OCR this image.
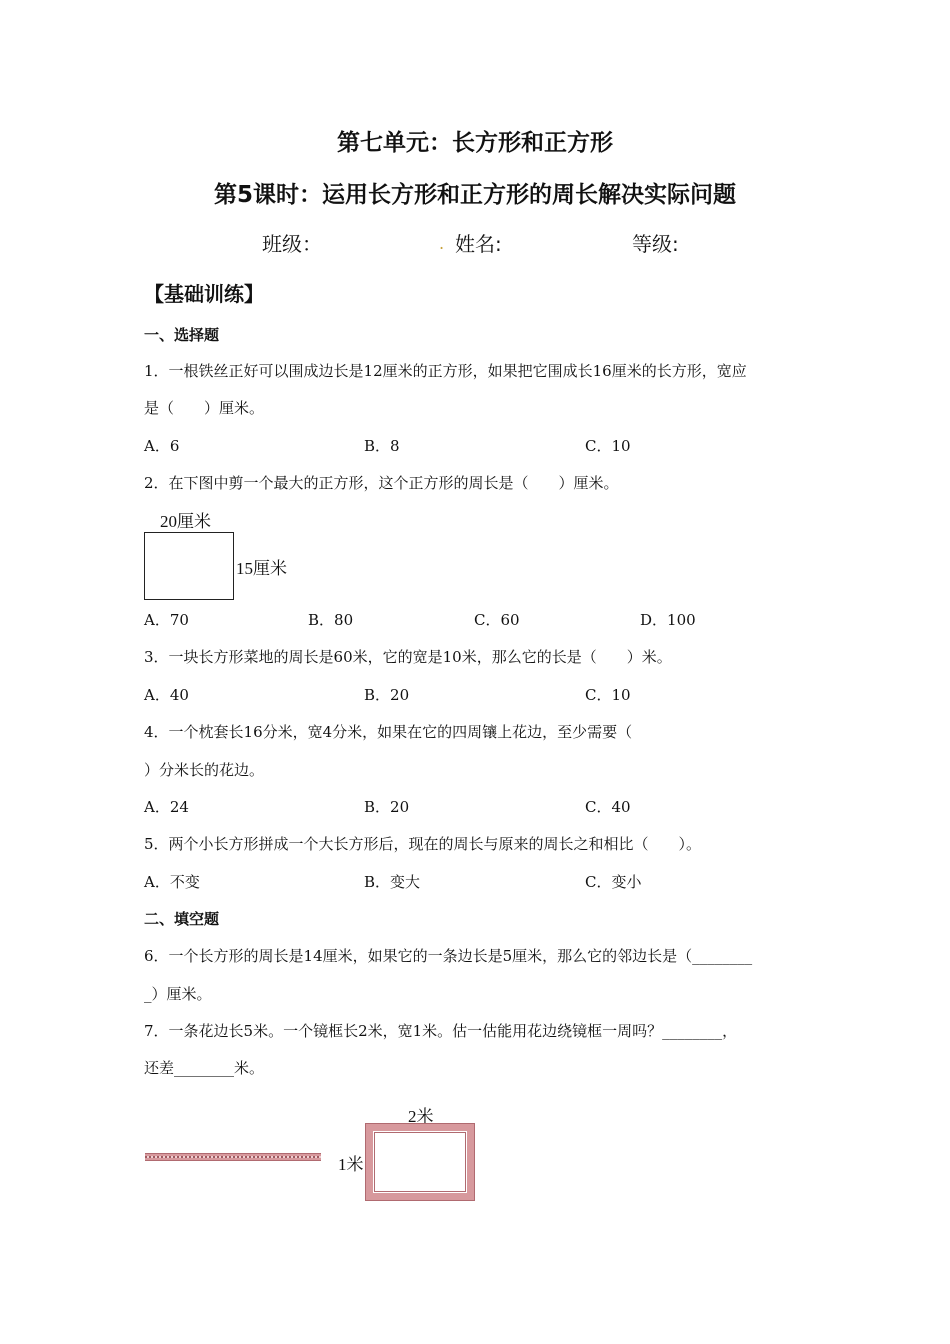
第七单元：长方形和正方形
第5课时：运用长方形和正方形的周长解决实际问题
班级：	. 姓名:	等级:
【基础训练】
一、选择题
1．一根铁丝正好可以围成边长是12厘米的正方形，如果把它围成长16厘米的长方形，宽应
是（　　）厘米。
A．6	B．8	C．10
2．在下图中剪一个最大的正方形，这个正方形的周长是（　　）厘米。
20厘米
15厘米
A．70	B．80	C．60	D．100
3．一块长方形菜地的周长是60米，它的宽是10米，那么它的长是（　　）米。
A．40	B．20	C．10
4．一个枕套长16分米，宽4分米，如果在它的四周镶上花边，至少需要（
）分米长的花边。
A．24	B．20	C．40
5．两个小长方形拼成一个大长方形后，现在的周长与原来的周长之和相比（　　）。
A．不变	B．变大	C．变小
二、填空题
6．一个长方形的周长是14厘米，如果它的一条边长是5厘米，那么它的邻边长是（________
_）厘米。
7．一条花边长5米。一个镜框长2米，宽1米。估一估能用花边绕镜框一周吗？________，
还差________米。
2米
1米
